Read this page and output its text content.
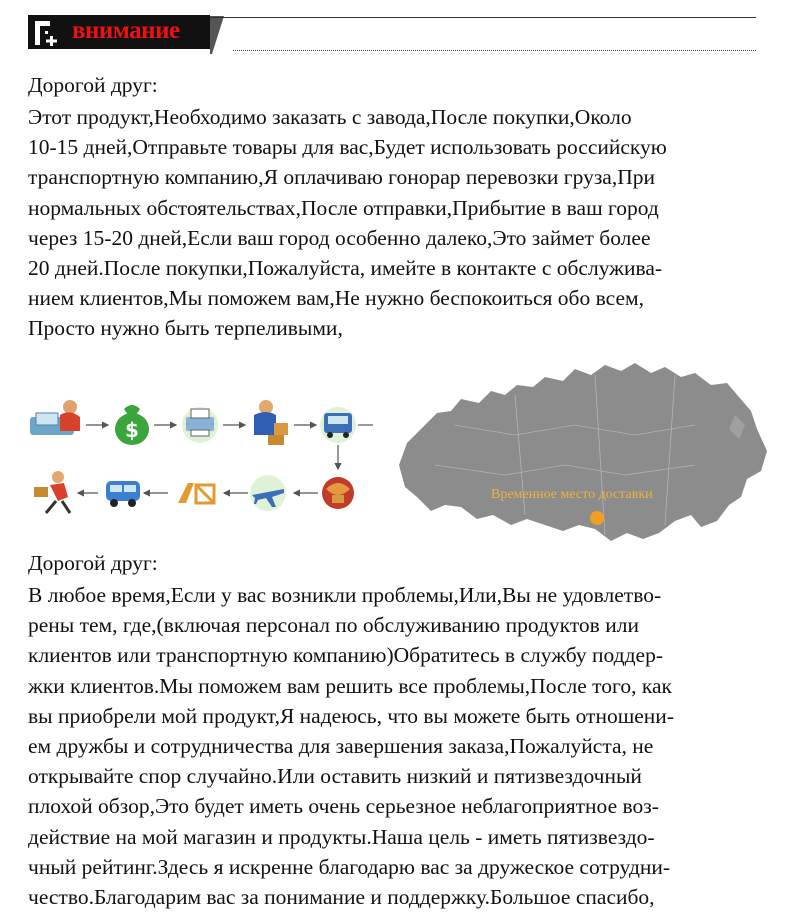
внимание
Дорогой друг:
Этот продукт,Необходимо заказать с завода,После покупки,Около
10-15 дней,Отправьте товары для вас,Будет использовать российскую
транспортную компанию,Я оплачиваю гонорар перевозки груза,При
нормальных обстоятельствах,После отправки,Прибытие в ваш город
через 15-20 дней,Если ваш город особенно далеко,Это займет более
20 дней.После покупки,Пожалуйста, имейте в контакте с обслужива-
нием клиентов,Мы поможем вам,Не нужно беспокоиться обо всем,
Просто нужно быть терпеливыми,
$
Временное место доставки
Дорогой друг:
В любое время,Если у вас возникли проблемы,Или,Вы не удовлетво-
рены тем, где,(включая персонал по обслуживанию продуктов или
клиентов или транспортную компанию)Обратитесь в службу поддер-
жки клиентов.Мы поможем вам решить все проблемы,После того, как
вы приобрели мой продукт,Я надеюсь, что вы можете быть отношени-
ем дружбы и сотрудничества для завершения заказа,Пожалуйста, не
открывайте спор случайно.Или оставить низкий и пятизвездочный
плохой обзор,Это будет иметь очень серьезное неблагоприятное воз-
действие на мой магазин и продукты.Наша цель - иметь пятизвездо-
чный рейтинг.Здесь я искренне благодарю вас за дружеское сотрудни-
чество.Благодарим вас за понимание и поддержку.Большое спасибо,
